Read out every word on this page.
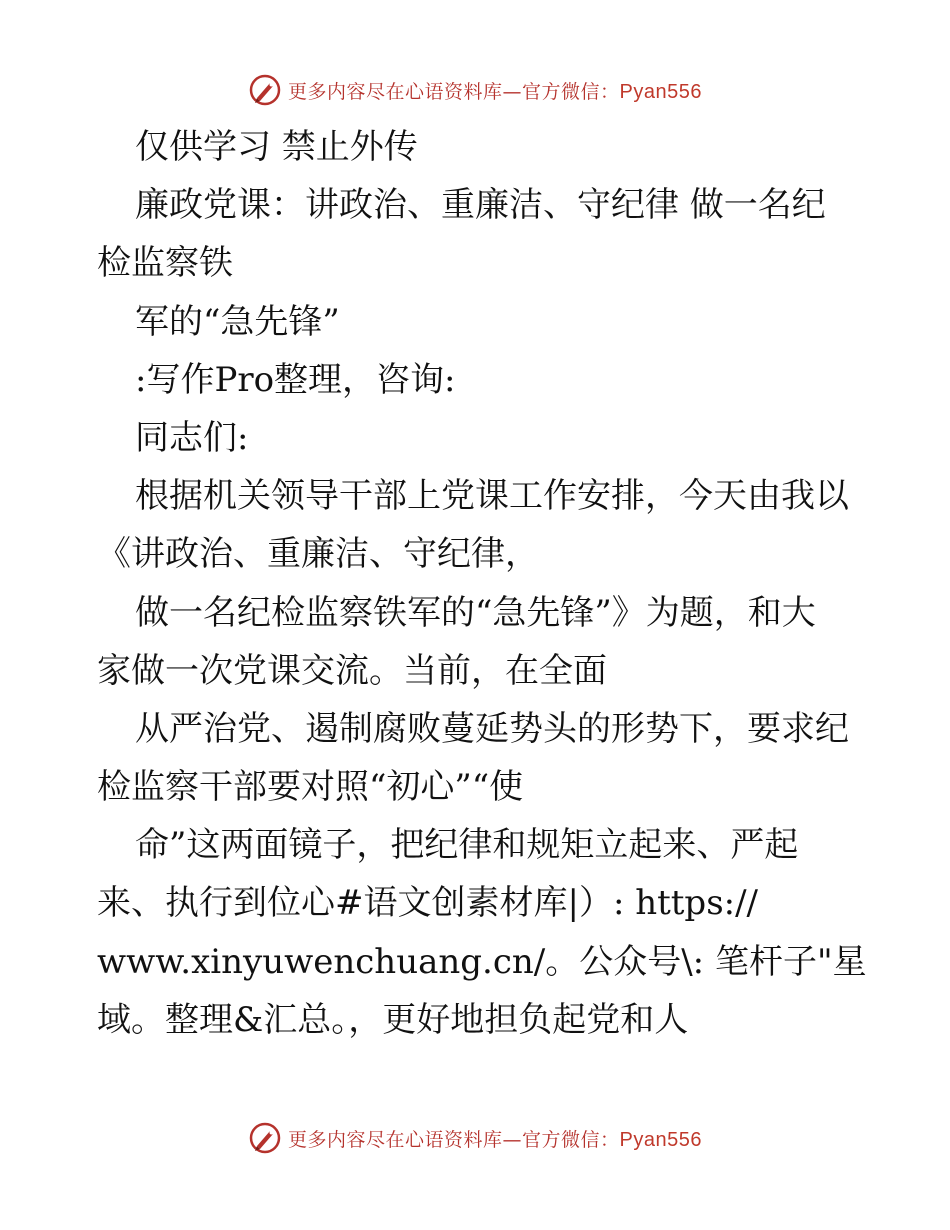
更多内容尽在心语资料库—官方微信：Pyan556
仅供学习 禁止外传
廉政党课：讲政治、重廉洁、守纪律 做一名纪
检监察铁
军的“急先锋”
:写作Pro整理，咨询:
同志们:
根据机关领导干部上党课工作安排，今天由我以
《讲政治、重廉洁、守纪律，
做一名纪检监察铁军的“急先锋”》为题，和大
家做一次党课交流。当前，在全面
从严治党、遏制腐败蔓延势头的形势下，要求纪
检监察干部要对照“初心”“使
命”这两面镜子，把纪律和规矩立起来、严起
来、执行到位心#语文创素材库|）: https://
www.xinyuwenchuang.cn/。公众号\: 笔杆子"星
域。整理&汇总。，更好地担负起党和人
更多内容尽在心语资料库—官方微信：Pyan556
